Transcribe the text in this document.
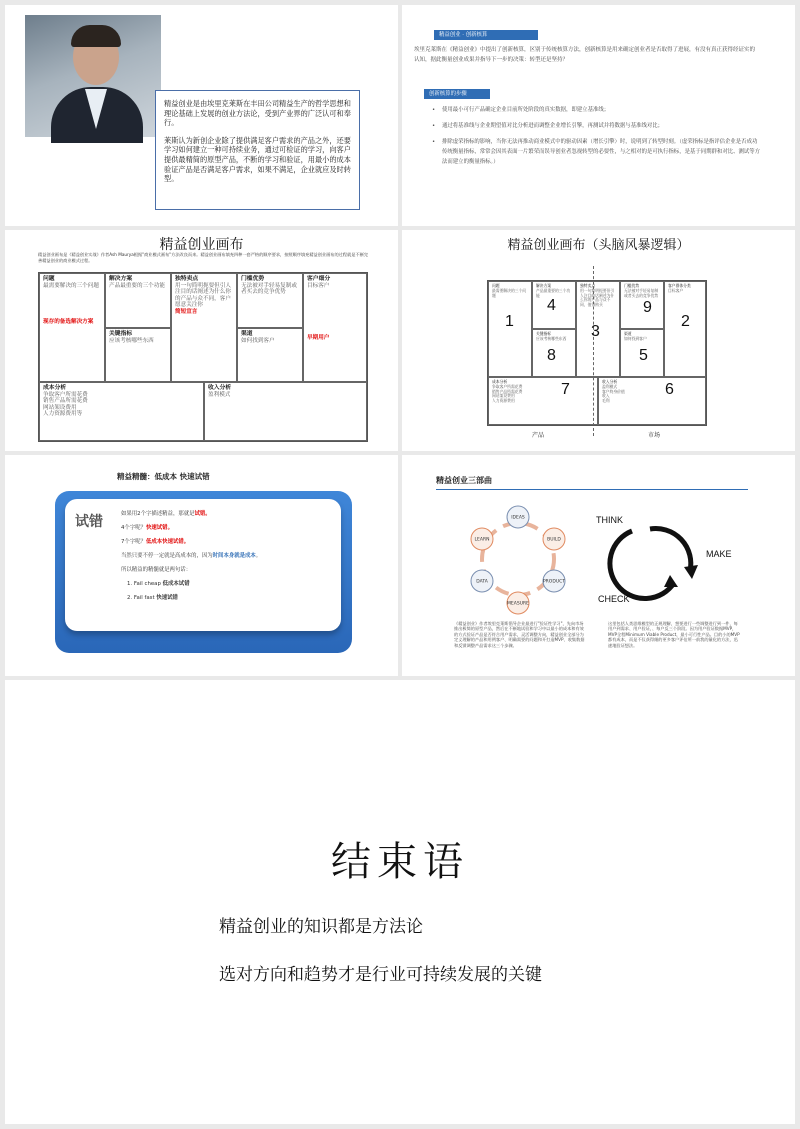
精益创业是由埃里克莱斯在丰田公司精益生产的哲学思想和理论基础上发展的创业方法论，受到产业界的广泛认可和奉行。

莱斯认为新创企业除了提供满足客户需求的产品之外，还要学习如何建立一种可持续业务，通过可检证的学习，向客户提供最精简的原型产品，不断的学习和验证，用最小的成本验证产品是否满足客户需求，如果不满足，企业就应及时转型。

精益创业 · 创新核算
埃里克莱斯在《精益创业》中提出了创新核算，区别于传统核算方法，创新核算是用来确定创业者是否取得了进展，有没有真正获得经证实的认知，据此衡量创业成果并指导下一步的决策：转型还是坚持？
创新核算的步骤
• 使用最小可行产品确定企业目前所处阶段的真实数据，即建立基准线；
• 通过将基准线与企业期望值对比分析进而调整企业增长引擎，再测试并将数据与基准线对比；
• 排除虚荣指标的影响，当你无法再推动商业模式中的驱动因素（增长引擎）时，说明到了转型时刻。（虚荣指标是指评估企业是否成功传统衡量指标，常常会因其表面一片繁荣而误导创业者忽视转型的必要性，与之相对的是可执行指标，是基于同期群和对比、测试等方法而建立的衡量指标。）
精益创业画布
精益创业画布是《精益创业实战》作者Ash Maurya根据"商业模式画布"方法改良而来。精益创业画布填充四种一套严格的顺序要求，按照顺序填充精益创业画布的过程就是不断完善精益创业的商业模式过程。
问题
最需要解决的三个问题
现存的备选解决方案
解决方案
产品最重要的三个功能
关键指标
应该考核哪些东西
独特卖点
用一句简明扼要但引人注目的话阐述为什么你的产品与众不同，客户愿意关注你
简短宣言
门槛优势
无法被对手轻易复制或者买去的竞争优势
渠道
如何找到客户
客户细分
目标客户
早期用户
成本分析
争取客户所需花费
销售产品所需花费
网站架设费用
人力资源费用等
收入分析
盈利模式
精益创业画布（头脑风暴逻辑）
问题
最需要解决的三个问题
1
解决方案
产品最重要的三个功能
4
关键指标
应该考核哪些东西
8
独特卖点
用一句简明扼要但引人注目的话阐述为什么你的产品与众不同，值得购买
3
门槛优势
无法被对手轻易复制或者买去的竞争优势
9
渠道
如何找到客户
5
客户群体分类
目标客户
2
成本分析
争取客户所需花费
销售产品所需花费
网站架设费用
人力资源费用
7	收入分析
盈利模式
客户终身价值
收入
毛利
6
产品	市场
精益精髓：低成本 快速试错
试错	如果用2个字描述精益，那就是试错。

4个字呢？快速试错。

7个字呢？低成本快速试错。

当然只要不停一定就是高成本的，因为时间本身就是成本。

所以精益的精髓就是两句话：

1. Fail cheap 低成本试错

2. Fail fast 快速试错

精益创业三部曲
IDEAS
BUILD
PRODUCT
MEASURE
DATA
LEARN
THINK
MAKE
CHECK
《精益创业》作者埃里克莱斯倡导企业最进行"验证性学习"，先向市场推出极简的原型产品，然后在不断地试验和学习中以最小的成本和有效的方式验证产品是否符合用户需求，灵活调整方向，精益创业全部分为定义理解的产品和用例客户、明确需要的问题和开打造MVP、收集数据和反馈调整产品需求这三个步骤。
这里包括人类思维模型的正规理解，想要进行一些调整进行到一件，每用户到需求、用户验证，、每户反三个阶段。因为用户验证数据MVP，MVP全程Minimum Viable Product，最小可行性产品。目的小的MVP都有成本，而是不仅获得细的更多客户评估所一前我的量化的方法，迅速地验证想法。
结束语
精益创业的知识都是方法论
选对方向和趋势才是行业可持续发展的关键
